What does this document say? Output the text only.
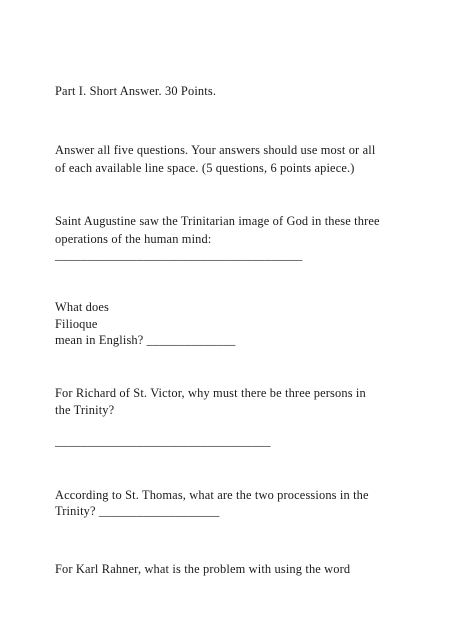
Part I. Short Answer. 30 Points.
Answer all five questions. Your answers should use most or all
of each available line space. (5 questions, 6 points apiece.)
Saint Augustine saw the Trinitarian image of God in these three
operations of the human mind:
_______________________________________
What does
Filioque
mean in English? ______________
For Richard of St. Victor, why must there be three persons in
the Trinity?
__________________________________
According to St. Thomas, what are the two processions in the
Trinity? ___________________
For Karl Rahner, what is the problem with using the word
